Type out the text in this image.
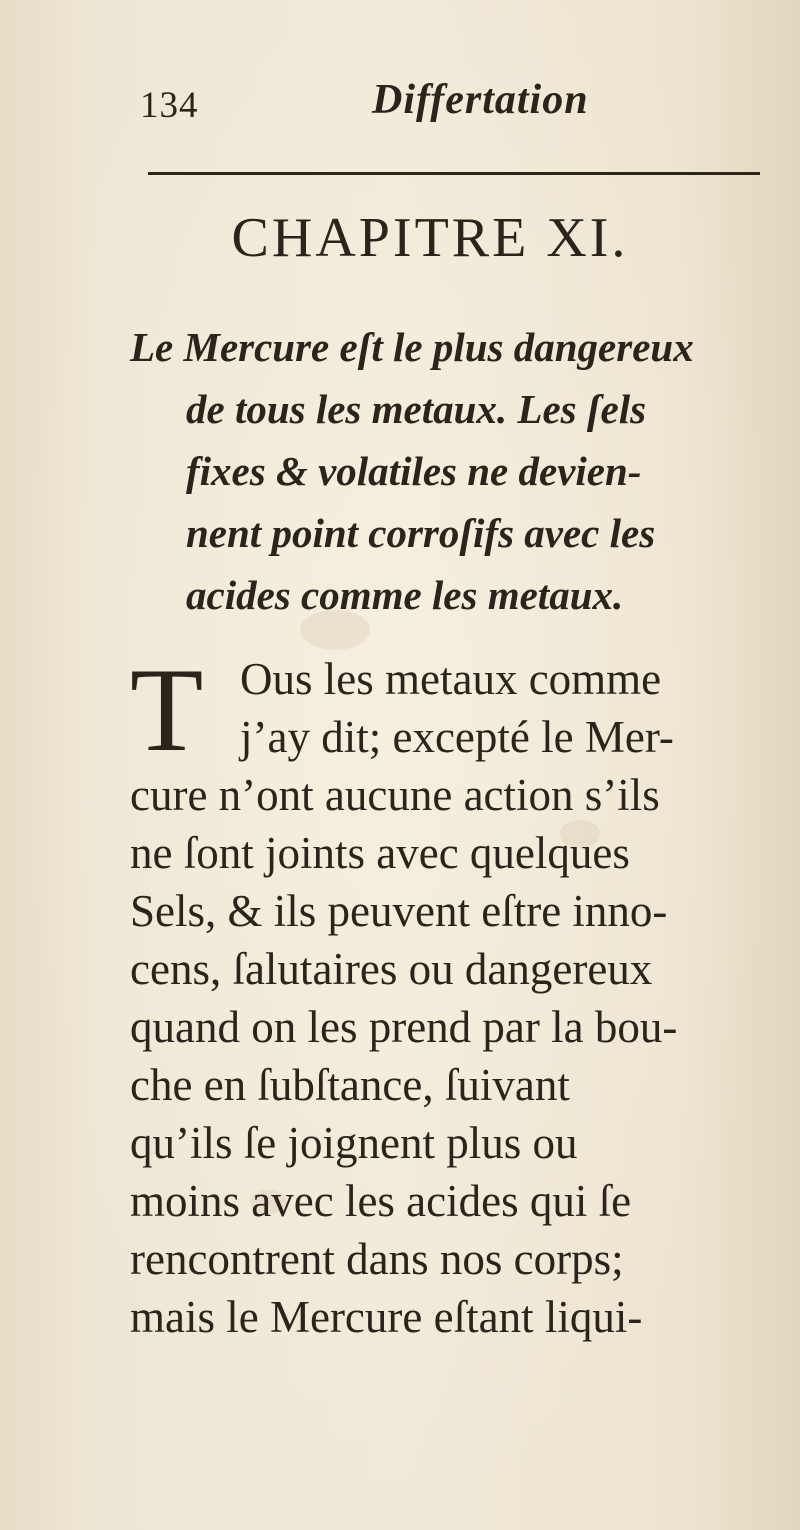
134	Differtation
CHAPITRE XI.
Le Mercure eſt le plus dangereux
de tous les metaux. Les ſels
fixes & volatiles ne devien-
nent point corroſifs avec les
acides comme les metaux.
T Ous les metaux comme
j’ay dit; excepté le Mer-
cure n’ont aucune action s’ils
ne ſont joints avec quelques
Sels, & ils peuvent eſtre inno-
cens, ſalutaires ou dangereux
quand on les prend par la bou-
che en ſubſtance, ſuivant
qu’ils ſe joignent plus ou
moins avec les acides qui ſe
rencontrent dans nos corps;
mais le Mercure eſtant liqui-
